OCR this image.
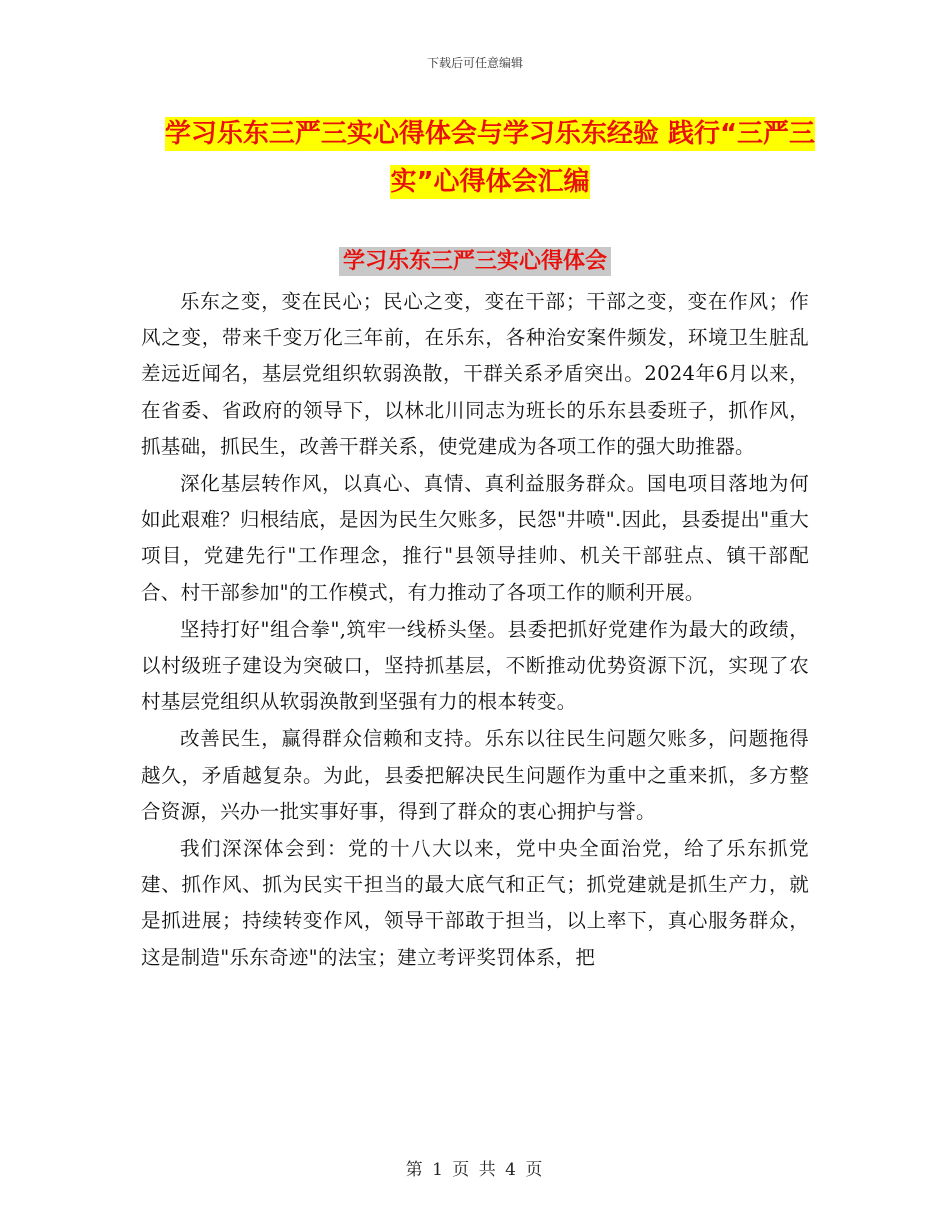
下载后可任意编辑
学习乐东三严三实心得体会与学习乐东经验 践行“三严三实”心得体会汇编
学习乐东三严三实心得体会

乐东之变，变在民心；民心之变，变在干部；干部之变，变在作风；作风之变，带来千变万化三年前，在乐东，各种治安案件频发，环境卫生脏乱差远近闻名，基层党组织软弱涣散，干群关系矛盾突出。2024年6月以来，在省委、省政府的领导下，以林北川同志为班长的乐东县委班子，抓作风，抓基础，抓民生，改善干群关系，使党建成为各项工作的强大助推器。

深化基层转作风，以真心、真情、真利益服务群众。国电项目落地为何如此艰难？归根结底，是因为民生欠账多，民怨"井喷".因此，县委提出"重大项目，党建先行"工作理念，推行"县领导挂帅、机关干部驻点、镇干部配合、村干部参加"的工作模式，有力推动了各项工作的顺利开展。

坚持打好"组合拳",筑牢一线桥头堡。县委把抓好党建作为最大的政绩，以村级班子建设为突破口，坚持抓基层，不断推动优势资源下沉，实现了农村基层党组织从软弱涣散到坚强有力的根本转变。

改善民生，赢得群众信赖和支持。乐东以往民生问题欠账多，问题拖得越久，矛盾越复杂。为此，县委把解决民生问题作为重中之重来抓，多方整合资源，兴办一批实事好事，得到了群众的衷心拥护与誉。

我们深深体会到：党的十八大以来，党中央全面治党，给了乐东抓党建、抓作风、抓为民实干担当的最大底气和正气；抓党建就是抓生产力，就是抓进展；持续转变作风，领导干部敢于担当，以上率下，真心服务群众，这是制造"乐东奇迹"的法宝；建立考评奖罚体系，把

第 1 页 共 4 页
